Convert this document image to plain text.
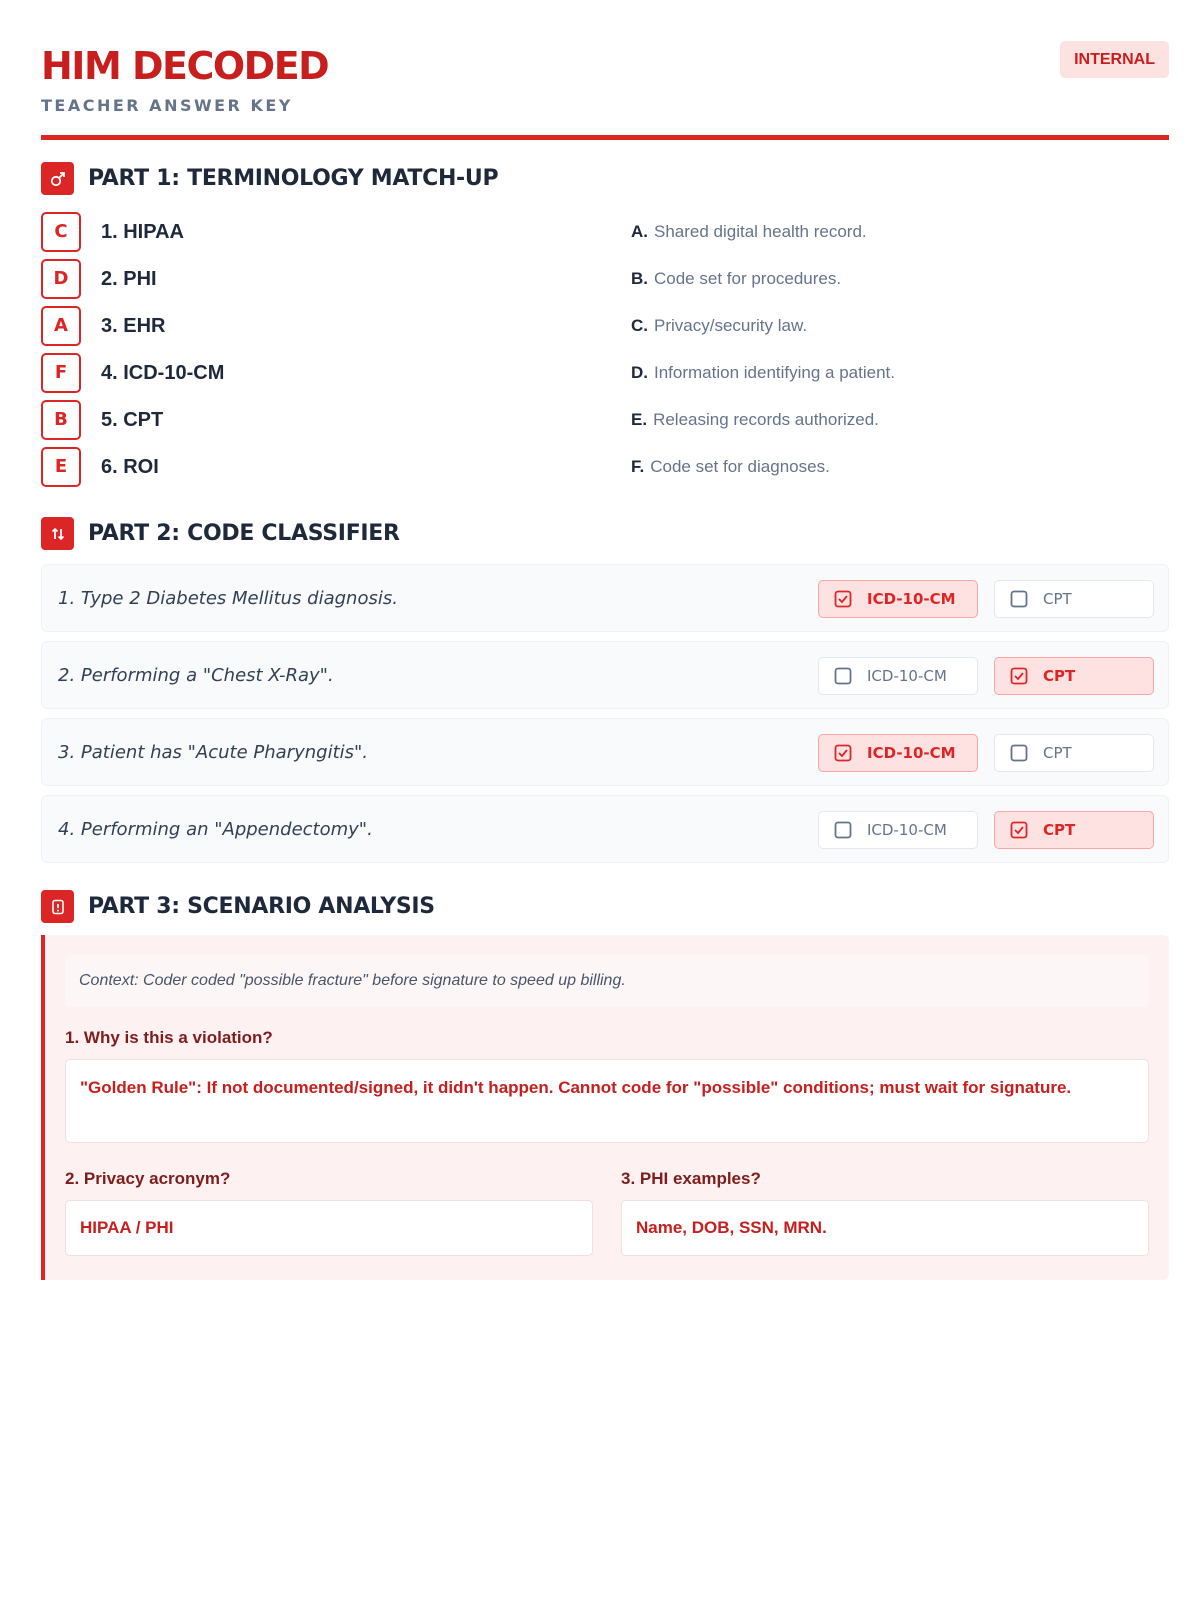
HIM DECODED
TEACHER ANSWER KEY
INTERNAL
PART 1: TERMINOLOGY MATCH-UP
C	1. HIPAA	A. Shared digital health record.
D	2. PHI	B. Code set for procedures.
A	3. EHR	C. Privacy/security law.
F	4. ICD-10-CM	D. Information identifying a patient.
B	5. CPT	E. Releasing records authorized.
E	6. ROI	F. Code set for diagnoses.
PART 2: CODE CLASSIFIER
1. Type 2 Diabetes Mellitus diagnosis.	ICD-10-CM	CPT
2. Performing a "Chest X-Ray".	ICD-10-CM	CPT
3. Patient has "Acute Pharyngitis".	ICD-10-CM	CPT
4. Performing an "Appendectomy".	ICD-10-CM	CPT
PART 3: SCENARIO ANALYSIS
Context: Coder coded "possible fracture" before signature to speed up billing.
1. Why is this a violation?
"Golden Rule": If not documented/signed, it didn't happen. Cannot code for "possible" conditions; must wait for signature.
2. Privacy acronym?
HIPAA / PHI
3. PHI examples?
Name, DOB, SSN, MRN.
